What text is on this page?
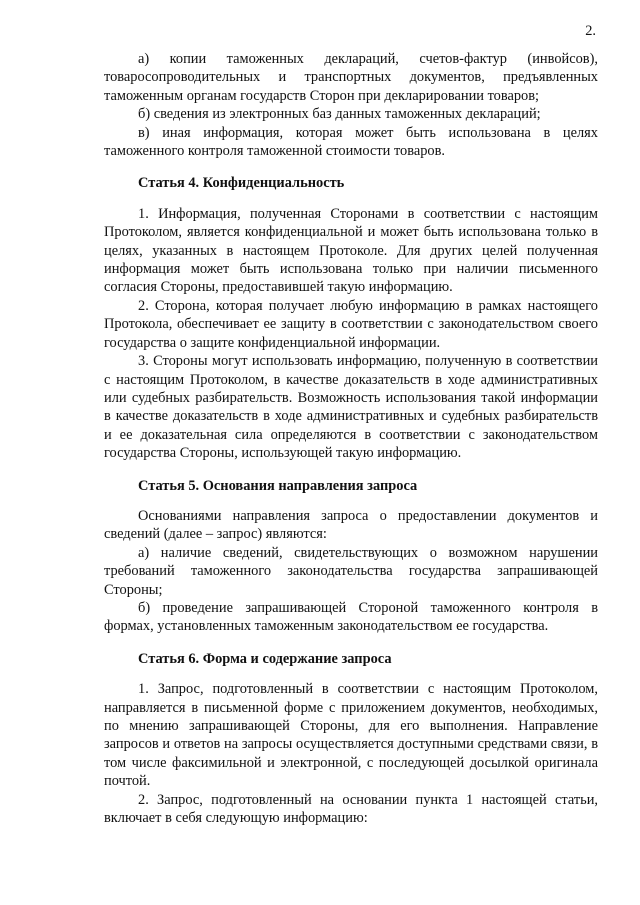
2.

а) копии таможенных деклараций, счетов-фактур (инвойсов), товаросопроводительных и транспортных документов, предъявленных таможенным органам государств Сторон при декларировании товаров;

б) сведения из электронных баз данных таможенных деклараций;

в) иная информация, которая может быть использована в целях таможенного контроля таможенной стоимости товаров.

Статья 4. Конфиденциальность

1. Информация, полученная Сторонами в соответствии с настоящим Протоколом, является конфиденциальной и может быть использована только в целях, указанных в настоящем Протоколе. Для других целей полученная информация может быть использована только при наличии письменного согласия Стороны, предоставившей такую информацию.

2. Сторона, которая получает любую информацию в рамках настоящего Протокола, обеспечивает ее защиту в соответствии с законодательством своего государства о защите конфиденциальной информации.

3. Стороны могут использовать информацию, полученную в соответствии с настоящим Протоколом, в качестве доказательств в ходе административных или судебных разбирательств. Возможность использования такой информации в качестве доказательств в ходе административных и судебных разбирательств и ее доказательная сила определяются в соответствии с законодательством государства Стороны, использующей такую информацию.

Статья 5. Основания направления запроса

Основаниями направления запроса о предоставлении документов и сведений (далее – запрос) являются:

а) наличие сведений, свидетельствующих о возможном нарушении требований таможенного законодательства государства запрашивающей Стороны;

б) проведение запрашивающей Стороной таможенного контроля в формах, установленных таможенным законодательством ее государства.

Статья 6. Форма и содержание запроса

1. Запрос, подготовленный в соответствии с настоящим Протоколом, направляется в письменной форме с приложением документов, необходимых, по мнению запрашивающей Стороны, для его выполнения. Направление запросов и ответов на запросы осуществляется доступными средствами связи, в том числе факсимильной и электронной, с последующей досылкой оригинала почтой.

2. Запрос, подготовленный на основании пункта 1 настоящей статьи, включает в себя следующую информацию:
